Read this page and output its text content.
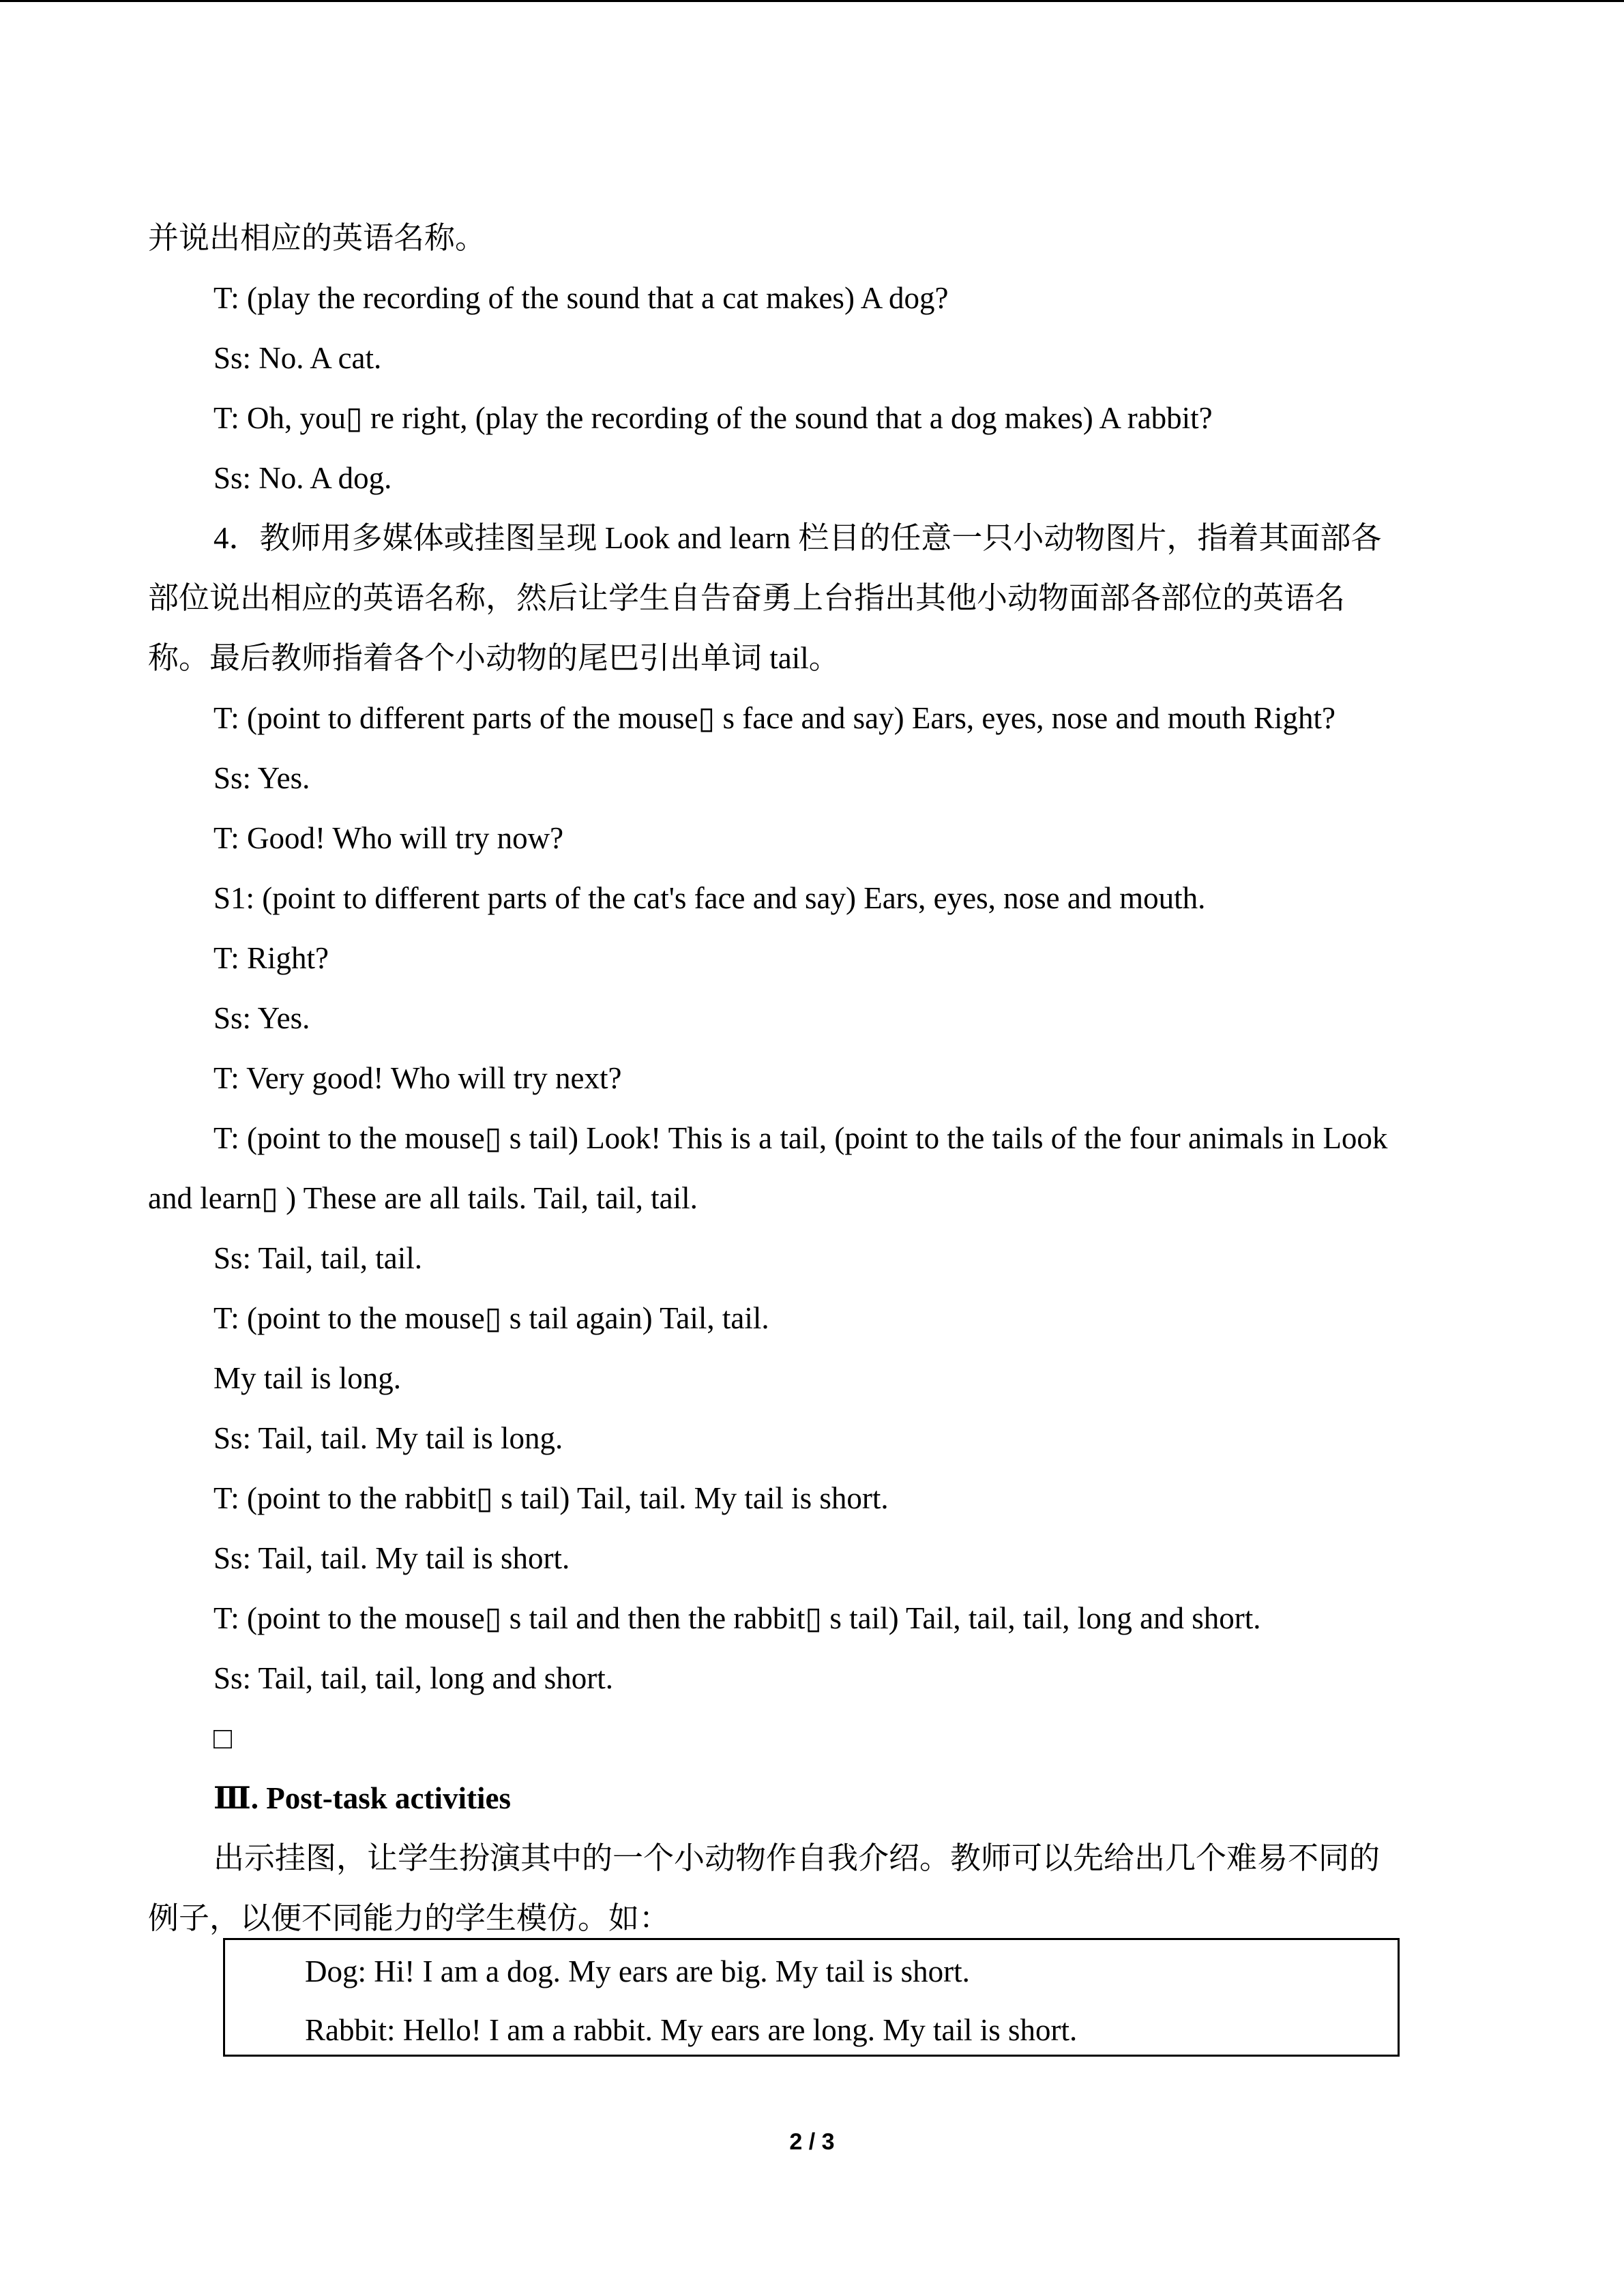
并说出相应的英语名称。
T: (play the recording of the sound that a cat makes) A dog?
Ss: No. A cat.
T: Oh, you▯ re right, (play the recording of the sound that a dog makes) A rabbit?
Ss: No. A dog.
4．教师用多媒体或挂图呈现 Look and learn 栏目的任意一只小动物图片，指着其面部各
部位说出相应的英语名称，然后让学生自告奋勇上台指出其他小动物面部各部位的英语名
称。最后教师指着各个小动物的尾巴引出单词 tail。
T: (point to different parts of the mouse▯ s face and say) Ears, eyes, nose and mouth Right?
Ss: Yes.
T: Good! Who will try now?
S1: (point to different parts of the cat's face and say) Ears, eyes, nose and mouth.
T: Right?
Ss: Yes.
T: Very good! Who will try next?
T: (point to the mouse▯ s tail) Look! This is a tail, (point to the tails of the four animals in Look
and learn▯ ) These are all tails. Tail, tail, tail.
Ss: Tail, tail, tail.
T: (point to the mouse▯ s tail again) Tail, tail.
My tail is long.
Ss: Tail, tail. My tail is long.
T: (point to the rabbit▯ s tail) Tail, tail. My tail is short.
Ss: Tail, tail. My tail is short.
T: (point to the mouse▯ s tail and then the rabbit▯ s tail) Tail, tail, tail, long and short.
Ss: Tail, tail, tail, long and short.
□
Ⅲ. Post-task activities
出示挂图，让学生扮演其中的一个小动物作自我介绍。教师可以先给出几个难易不同的
例子，以便不同能力的学生模仿。如：
Dog: Hi! I am a dog. My ears are big. My tail is short.
Rabbit: Hello! I am a rabbit. My ears are long. My tail is short.
2 / 3
